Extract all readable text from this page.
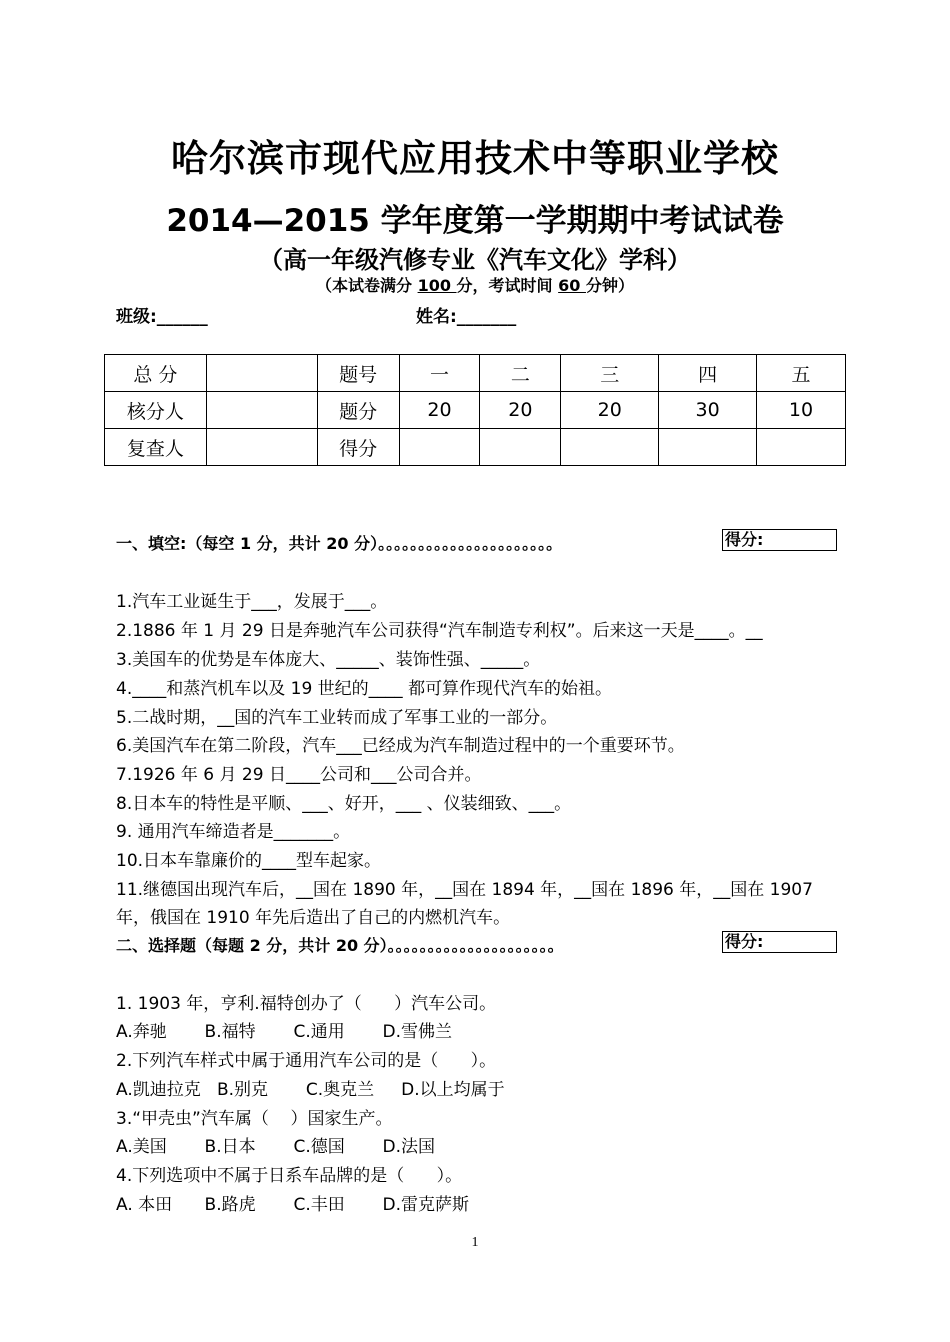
哈尔滨市现代应用技术中等职业学校
2014—2015 学年度第一学期期中考试试卷
（高一年级汽修专业《汽车文化》学科）
（本试卷满分 100 分，考试时间 60 分钟）
班级:______	姓名:_______
总 分		题号	一	二	三	四	五
核分人		题分	20	20	20	30	10
复查人		得分					
一、填空:（每空 1 分，共计 20 分）。。。。。。。。。。。。。。。。。。。。。。	得分:
1.汽车工业诞生于___，发展于___。
2.1886 年 1 月 29 日是奔驰汽车公司获得“汽车制造专利权”。后来这一天是____。__
3.美国车的优势是车体庞大、_____、装饰性强、_____。
4.____和蒸汽机车以及 19 世纪的____ 都可算作现代汽车的始祖。
5.二战时期，__国的汽车工业转而成了军事工业的一部分。
6.美国汽车在第二阶段，汽车___已经成为汽车制造过程中的一个重要环节。
7.1926 年 6 月 29 日____公司和___公司合并。
8.日本车的特性是平顺、___、好开，___ 、仪装细致、___。
9. 通用汽车缔造者是_______。
10.日本车靠廉价的____型车起家。
11.继德国出现汽车后，__国在 1890 年，__国在 1894 年，__国在 1896 年，__国在 1907
年，俄国在 1910 年先后造出了自己的内燃机汽车。
二、选择题（每题 2 分，共计 20 分）。。。。。。。。。。。。。。。。。。。。。	得分:
1. 1903 年，亨利.福特创办了（      ）汽车公司。
A.奔驰       B.福特       C.通用       D.雪佛兰
2.下列汽车样式中属于通用汽车公司的是（      ）。
A.凯迪拉克   B.别克       C.奥克兰     D.以上均属于
3.“甲壳虫”汽车属（    ）国家生产。
A.美国       B.日本       C.德国       D.法国
4.下列选项中不属于日系车品牌的是（      ）。
A. 本田      B.路虎       C.丰田       D.雷克萨斯
1
